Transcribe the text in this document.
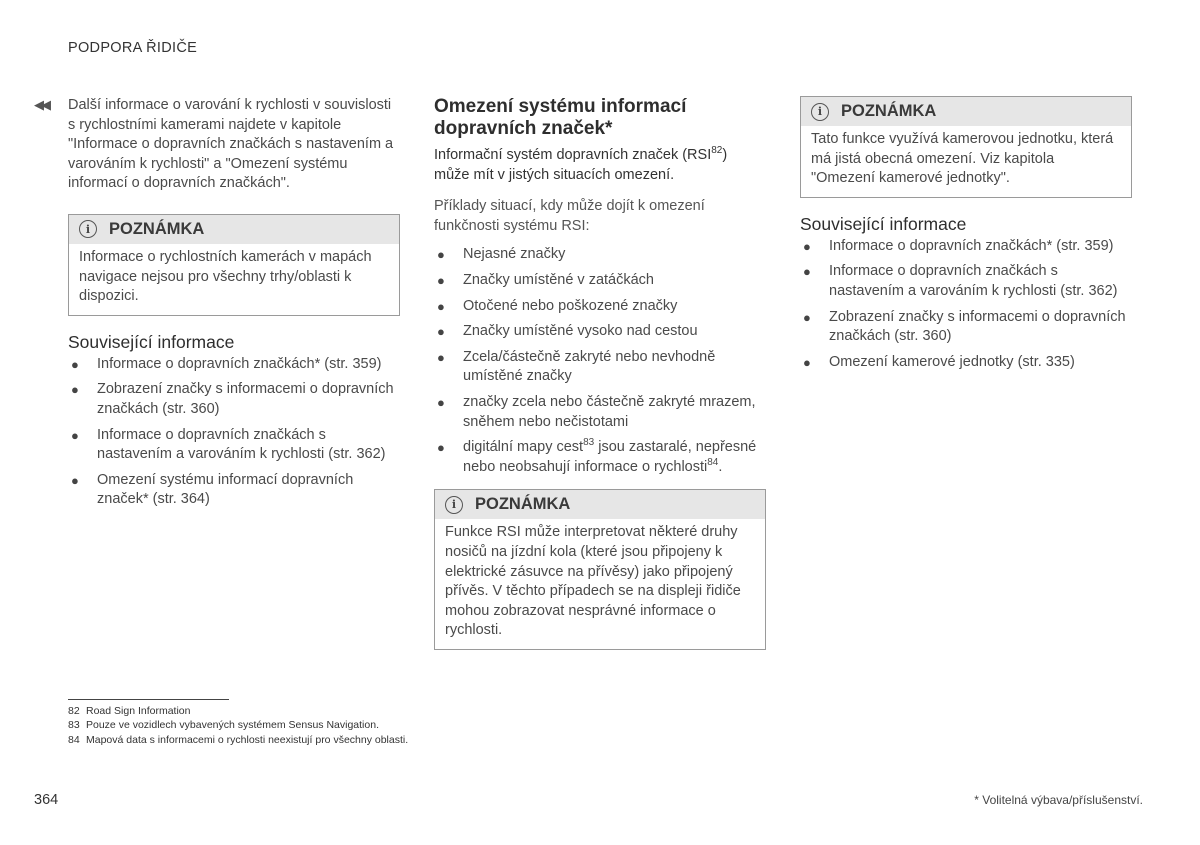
PODPORA ŘIDIČE

◀◀ Další informace o varování k rychlosti v souvislosti s rychlostními kamerami najdete v kapitole "Informace o dopravních značkách s nastavením a varováním k rychlosti" a "Omezení systému informací o dopravních značkách".

i	POZNÁMKA

Informace o rychlostních kamerách v mapách navigace nejsou pro všechny trhy/oblasti k dispozici.

Související informace
● Informace o dopravních značkách* (str. 359)
● Zobrazení značky s informacemi o dopravních značkách (str. 360)
● Informace o dopravních značkách s nastavením a varováním k rychlosti (str. 362)
● Omezení systému informací dopravních značek* (str. 364)
Omezení systému informací dopravních značek*

Informační systém dopravních značek (RSI$^{82}$) může mít v jistých situacích omezení.

Příklady situací, kdy může dojít k omezení funkčnosti systému RSI:

● Nejasné značky
● Značky umístěné v zatáčkách
● Otočené nebo poškozené značky
● Značky umístěné vysoko nad cestou
● Zcela/částečně zakryté nebo nevhodně umístěné značky
● značky zcela nebo částečně zakryté mrazem, sněhem nebo nečistotami
● digitální mapy cest$^{83}$ jsou zastaralé, nepřesné nebo neobsahují informace o rychlosti$^{84}$.
i	POZNÁMKA

Funkce RSI může interpretovat některé druhy nosičů na jízdní kola (které jsou připojeny k elektrické zásuvce na přívěsy) jako připojený přívěs. V těchto případech se na displeji řidiče mohou zobrazovat nesprávné informace o rychlosti.

i	POZNÁMKA

Tato funkce využívá kamerovou jednotku, která má jistá obecná omezení. Viz kapitola "Omezení kamerové jednotky".

Související informace
● Informace o dopravních značkách* (str. 359)
● Informace o dopravních značkách s nastavením a varováním k rychlosti (str. 362)
● Zobrazení značky s informacemi o dopravních značkách (str. 360)
● Omezení kamerové jednotky (str. 335)
82 Road Sign Information
83 Pouze ve vozidlech vybavených systémem Sensus Navigation.
84 Mapová data s informacemi o rychlosti neexistují pro všechny oblasti.
364	* Volitelná výbava/příslušenství.
